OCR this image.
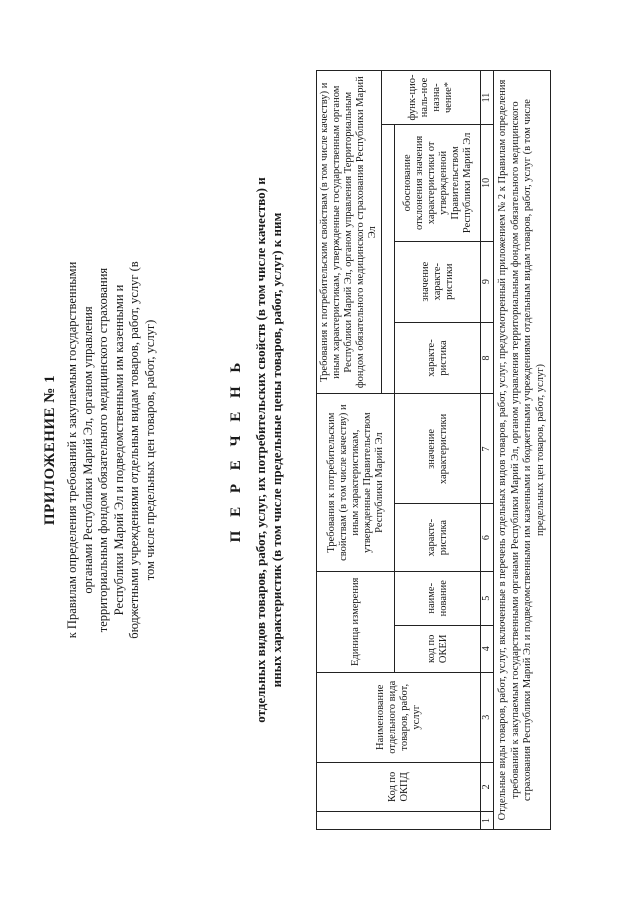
ПРИЛОЖЕНИЕ № 1 к Правилам определения требований к закупаемым государственными органами Республики Марий Эл, органом управления территориальным фондом обязательного медицинского страхования Республики Марий Эл и подведомственными им казенными и бюджетными учреждениями отдельным видам товаров, работ, услуг (в том числе предельных цен товаров, работ, услуг)	П Е Р Е Ч Е Н Ь отдельных видов товаров, работ, услуг, их потребительских свойств (в том числе качество) и иных характеристик (в том числе предельные цены товаров, работ, услуг) к ним
	Код по ОКПД	Наименование отдельного вида товаров, работ, услуг	Единица измерения		Требования к потребительским свойствам (в том числе качеству) и иным характеристикам, утвержденные Правительством Республики Марий Эл		Требования к потребительским свойствам (в том числе качеству) и иным характеристикам, утвержденные государственным органом Республики Марий Эл, органом управления Территориальным фондом обязательного медицинского страхования Республики Марий Эл			
										функ-цио-наль-ное назна-чение*
			код по ОКЕИ	наиме-нование	характе-ристика	значение характеристики	характе-ристика	значение характе-ристики	обоснование отклонения значения характеристики от утвержденной Правительством Республики Марий Эл	
1	2	3	4	5	6	7	8	9	10	11
Отдельные виды товаров, работ, услуг, включенные в перечень отдельных видов товаров, работ, услуг, предусмотренный приложением № 2 к Правилам определения требований к закупаемым государственными органами Республики Марий Эл, органом управления территориальным фондом обязательного медицинского страхования Республики Марий Эл и подведомственными им казенными и бюджетными учреждениями отдельным видам товаров, работ, услуг (в том числе предельных цен товаров, работ, услуг)										
